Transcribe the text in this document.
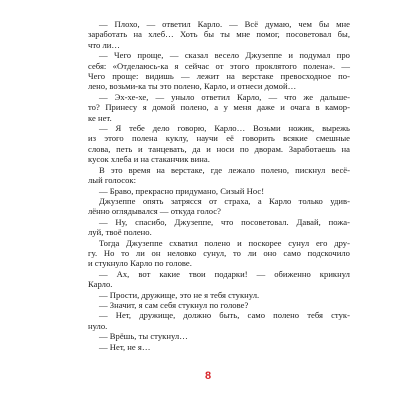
— Плохо, — ответил Карло. — Всё думаю, чем бы мне
заработать на хлеб… Хоть бы ты мне помог, посоветовал бы,
что ли…
— Чего проще, — сказал весело Джузеппе и подумал про
себя: «Отделаюсь-ка я сейчас от этого проклятого полена». —
Чего проще: видишь — лежит на верстаке превосходное по-
лено, возьми-ка ты это полено, Карло, и отнеси домой…
— Эх-хе-хе, — уныло ответил Карло, — что же дальше-
то? Принесу я домой полено, а у меня даже и очага в камор-
ке нет.
— Я тебе дело говорю, Карло… Возьми ножик, вырежь
из этого полена куклу, научи её говорить всякие смешные
слова, петь и танцевать, да и носи по дворам. Заработаешь на
кусок хлеба и на стаканчик вина.
В это время на верстаке, где лежало полено, пискнул весё-
лый голосок:
— Браво, прекрасно придумано, Сизый Нос!
Джузеппе опять затрясся от страха, а Карло только удив-
лённо оглядывался — откуда голос?
— Ну, спасибо, Джузеппе, что посоветовал. Давай, пожа-
луй, твоё полено.
Тогда Джузеппе схватил полено и поскорее сунул его дру-
гу. Но то ли он неловко сунул, то ли оно само подскочило
и стукнуло Карло по голове.
— Ах, вот какие твои подарки! — обиженно крикнул
Карло.
— Прости, дружище, это не я тебя стукнул.
— Значит, я сам себя стукнул по голове?
— Нет, дружище, должно быть, само полено тебя стук-
нуло.
— Врёшь, ты стукнул…
— Нет, не я…
8
